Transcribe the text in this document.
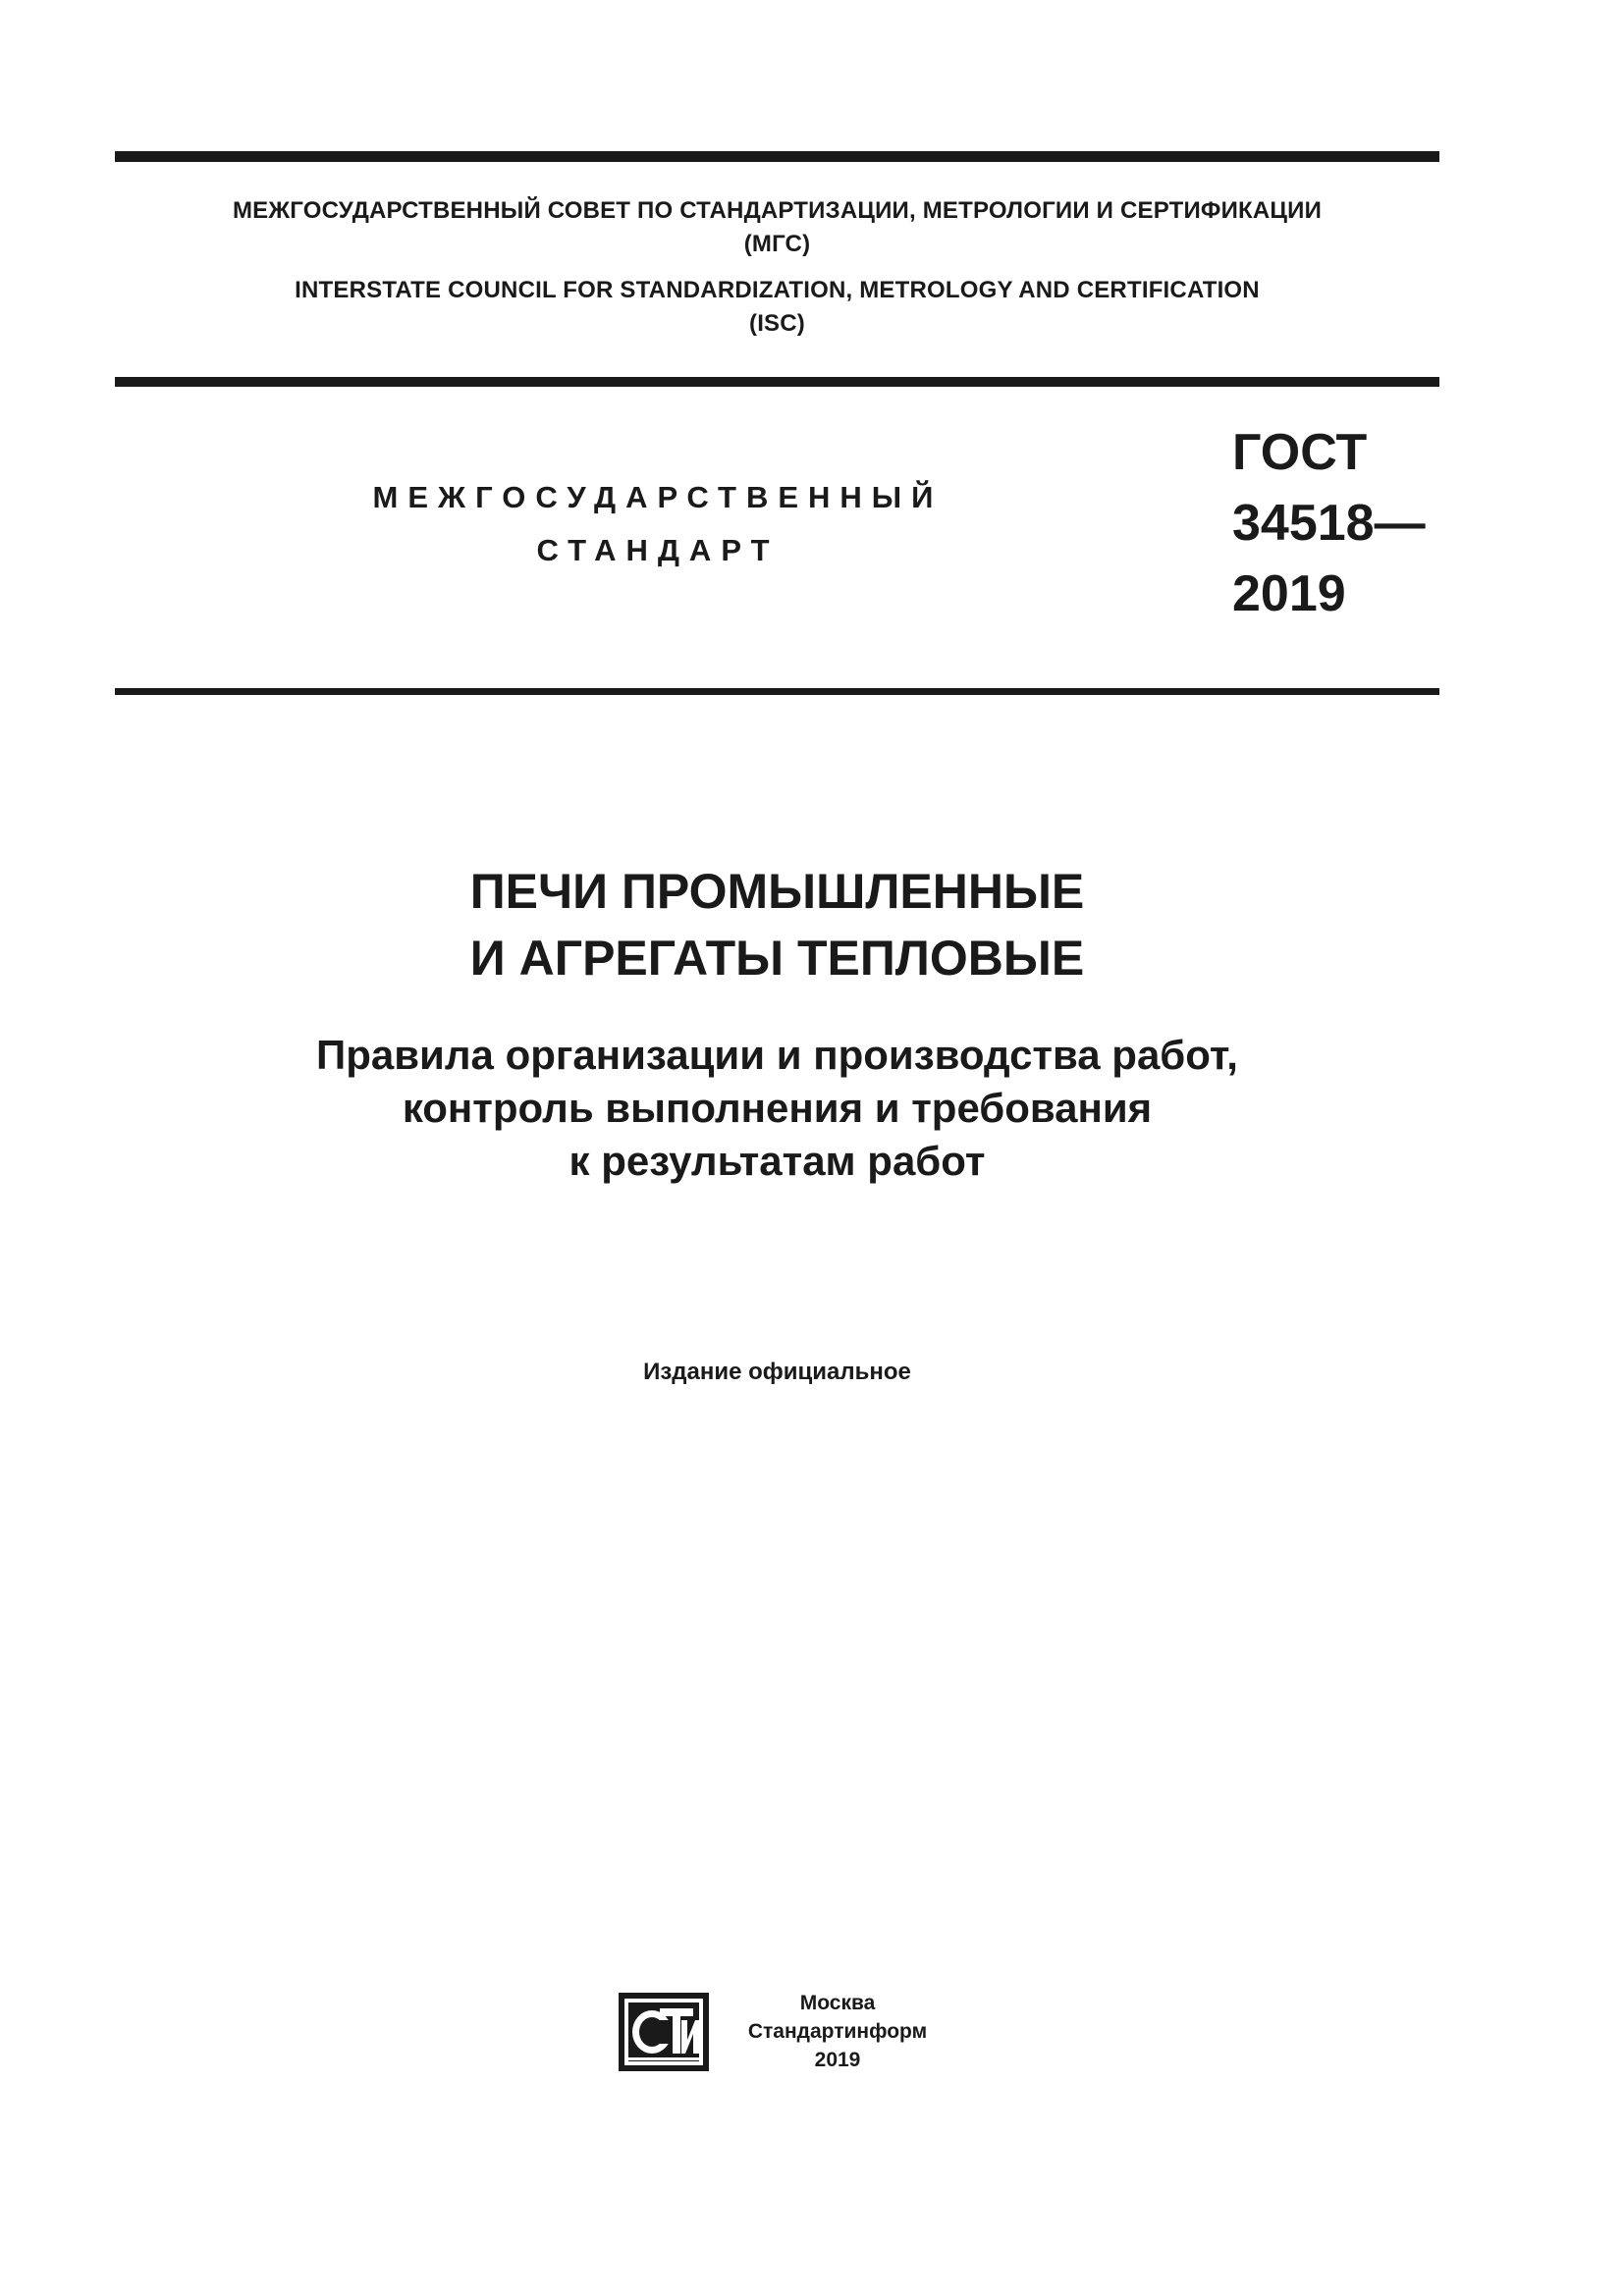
МЕЖГОСУДАРСТВЕННЫЙ СОВЕТ ПО СТАНДАРТИЗАЦИИ, МЕТРОЛОГИИ И СЕРТИФИКАЦИИ
(МГС)
INTERSTATE COUNCIL FOR STANDARDIZATION, METROLOGY AND CERTIFICATION
(ISC)
МЕЖГОСУДАРСТВЕННЫЙ
СТАНДАРТ
ГОСТ
34518—
2019
ПЕЧИ ПРОМЫШЛЕННЫЕ
И АГРЕГАТЫ ТЕПЛОВЫЕ
Правила организации и производства работ,
контроль выполнения и требования
к результатам работ
Издание официальное
Москва
Стандартинформ
2019
